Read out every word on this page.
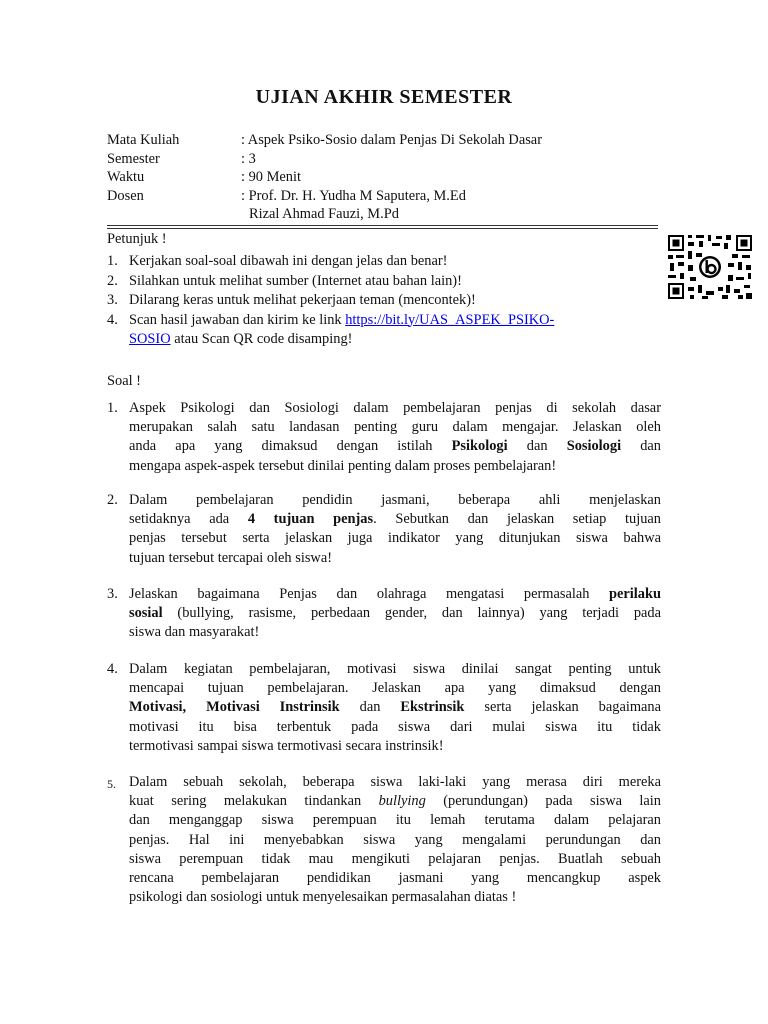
UJIAN AKHIR SEMESTER
Mata Kuliah	: Aspek Psiko-Sosio dalam Penjas Di Sekolah Dasar
Semester	: 3
Waktu	: 90 Menit
Dosen	: Prof. Dr. H. Yudha M Saputera, M.Ed
Rizal Ahmad Fauzi, M.Pd
Petunjuk !
1. Kerjakan soal-soal dibawah ini dengan jelas dan benar!
2. Silahkan untuk melihat sumber (Internet atau bahan lain)!
3. Dilarang keras untuk melihat pekerjaan teman (mencontek)!
4. Scan hasil jawaban dan kirim ke link https://bit.ly/UAS_ASPEK_PSIKO-
SOSIO atau Scan QR code disamping!
Soal !
1. Aspek Psikologi dan Sosiologi dalam pembelajaran penjas di sekolah dasar
merupakan salah satu landasan penting guru dalam mengajar. Jelaskan oleh
anda apa yang dimaksud dengan istilah Psikologi dan Sosiologi dan
mengapa aspek-aspek tersebut dinilai penting dalam proses pembelajaran!
2. Dalam pembelajaran pendidin jasmani, beberapa ahli menjelaskan
setidaknya ada 4 tujuan penjas. Sebutkan dan jelaskan setiap tujuan
penjas tersebut serta jelaskan juga indikator yang ditunjukan siswa bahwa
tujuan tersebut tercapai oleh siswa!
3. Jelaskan bagaimana Penjas dan olahraga mengatasi permasalah perilaku
sosial (bullying, rasisme, perbedaan gender, dan lainnya) yang terjadi pada
siswa dan masyarakat!
4. Dalam kegiatan pembelajaran, motivasi siswa dinilai sangat penting untuk
mencapai tujuan pembelajaran. Jelaskan apa yang dimaksud dengan
Motivasi, Motivasi Instrinsik dan Ekstrinsik serta jelaskan bagaimana
motivasi itu bisa terbentuk pada siswa dari mulai siswa itu tidak
termotivasi sampai siswa termotivasi secara instrinsik!
5. Dalam sebuah sekolah, beberapa siswa laki-laki yang merasa diri mereka
kuat sering melakukan tindankan bullying (perundungan) pada siswa lain
dan menganggap siswa perempuan itu lemah terutama dalam pelajaran
penjas. Hal ini menyebabkan siswa yang mengalami perundungan dan
siswa perempuan tidak mau mengikuti pelajaran penjas. Buatlah sebuah
rencana pembelajaran pendidikan jasmani yang mencangkup aspek
psikologi dan sosiologi untuk menyelesaikan permasalahan diatas !
